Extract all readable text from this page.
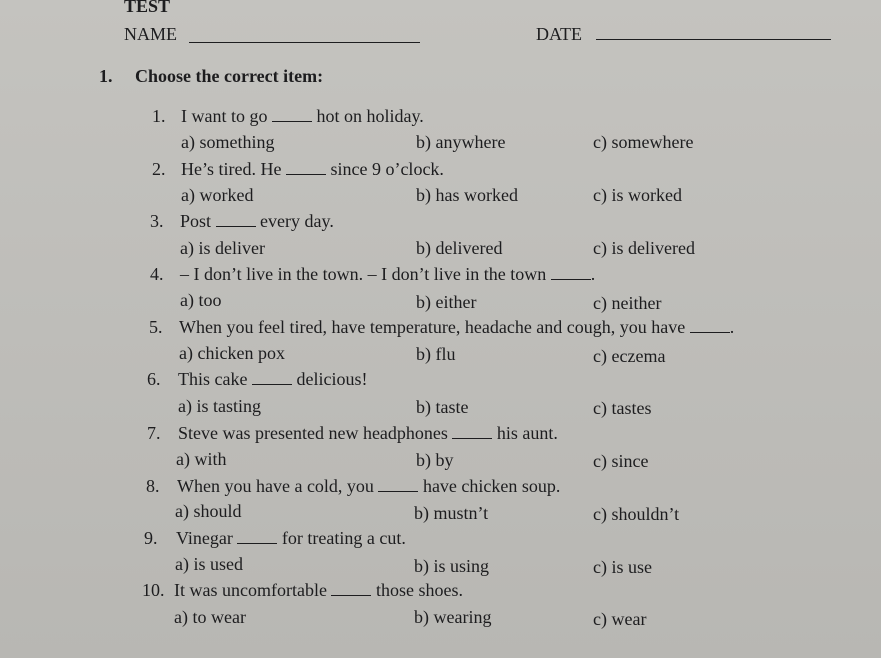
TEST
NAME	DATE
1. Choose the correct item:
1. I want to go	hot on holiday.
a) something	b) anywhere	c) somewhere
2. He’s tired. He	since 9 o’clock.
a) worked	b) has worked	c) is worked
3. Post	every day.
a) is deliver	b) delivered	c) is delivered
4. – I don’t live in the town. – I don’t live in the town .
a) too	b) either	c) neither
5. When you feel tired, have temperature, headache and cough, you have .
a) chicken pox	b) flu	c) eczema
6. This cake	delicious!
a) is tasting	b) taste	c) tastes
7. Steve was presented new headphones	his aunt.
a) with	b) by	c) since
8. When you have a cold, you	have chicken soup.
a) should	b) mustn’t	c) shouldn’t
9. Vinegar	for treating a cut.
a) is used	b) is using	c) is use
10. It was uncomfortable	those shoes.
a) to wear	b) wearing	c) wear
